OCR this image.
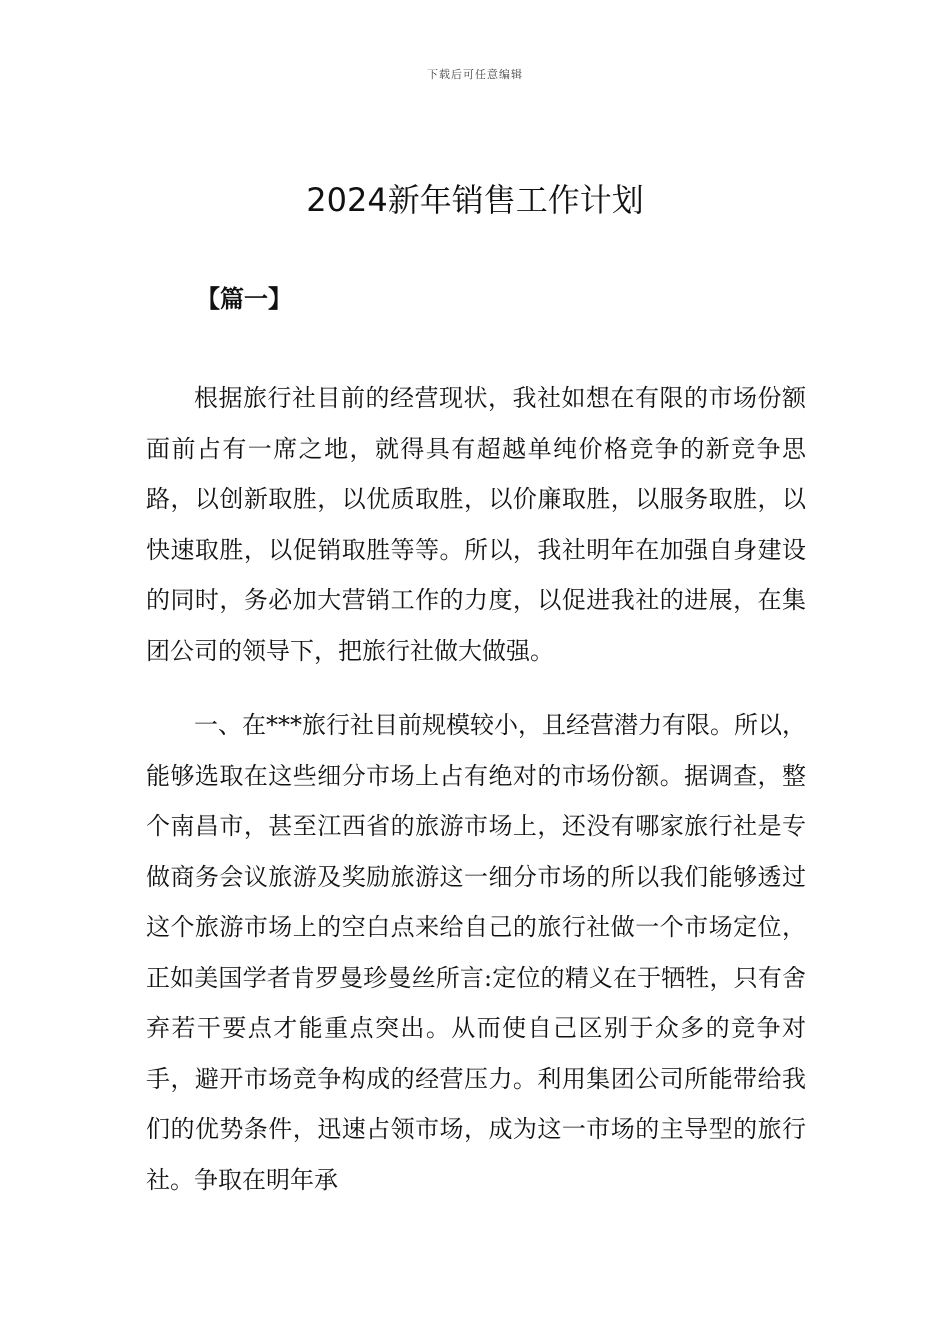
下载后可任意编辑
2024新年销售工作计划
【篇一】

根据旅行社目前的经营现状，我社如想在有限的市场份额面前占有一席之地，就得具有超越单纯价格竞争的新竞争思路，以创新取胜，以优质取胜，以价廉取胜，以服务取胜，以快速取胜，以促销取胜等等。所以，我社明年在加强自身建设的同时，务必加大营销工作的力度，以促进我社的进展，在集团公司的领导下，把旅行社做大做强。

一、在***旅行社目前规模较小，且经营潜力有限。所以，能够选取在这些细分市场上占有绝对的市场份额。据调查，整个南昌市，甚至江西省的旅游市场上，还没有哪家旅行社是专做商务会议旅游及奖励旅游这一细分市场的所以我们能够透过这个旅游市场上的空白点来给自己的旅行社做一个市场定位，正如美国学者肯罗曼珍曼丝所言:定位的精义在于牺牲，只有舍弃若干要点才能重点突出。从而使自己区别于众多的竞争对手，避开市场竞争构成的经营压力。利用集团公司所能带给我们的优势条件，迅速占领市场，成为这一市场的主导型的旅行社。争取在明年承
